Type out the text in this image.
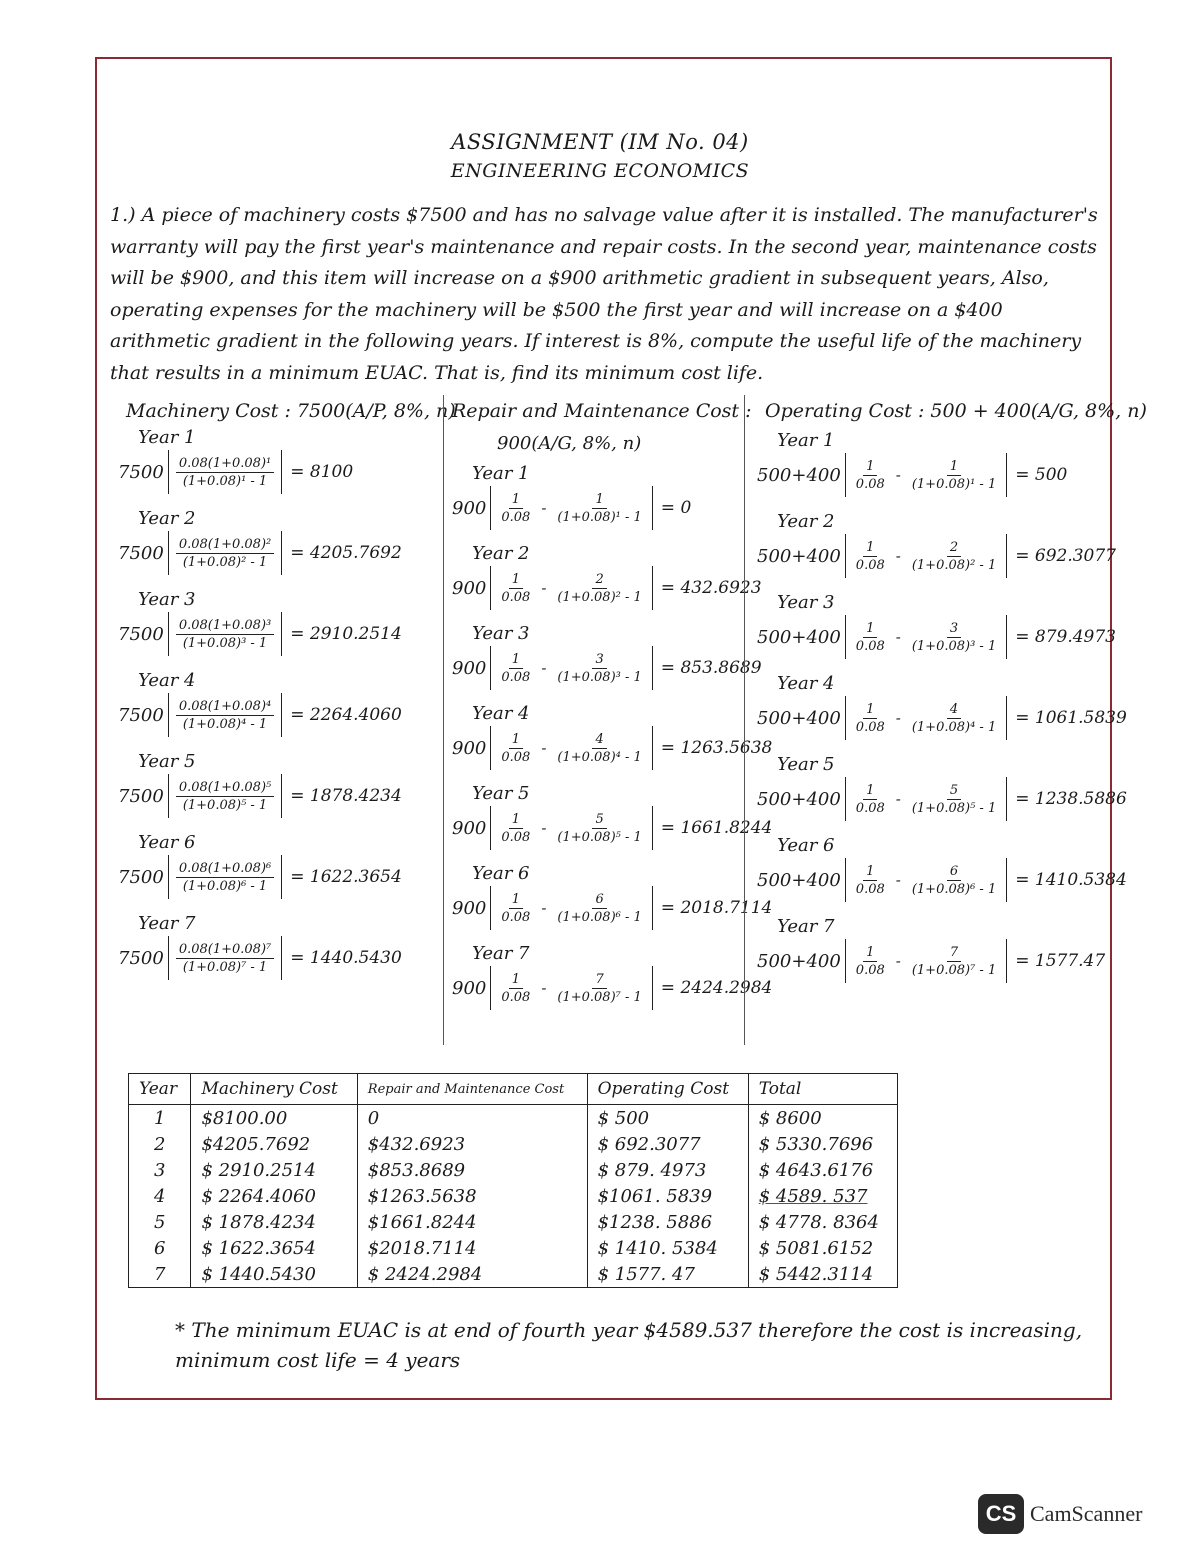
ASSIGNMENT (IM No. 04)
ENGINEERING ECONOMICS
1.) A piece of machinery costs $7500 and has no salvage value after it is installed. The manufacturer's warranty will pay the first year's maintenance and repair costs. In the second year, maintenance costs will be $900, and this item will increase on a $900 arithmetic gradient in subsequent years, Also, operating expenses for the machinery will be $500 the first year and will increase on a $400 arithmetic gradient in the following years. If interest is 8%, compute the useful life of the machinery that results in a minimum EUAC. That is, find its minimum cost life.
Machinery Cost : 7500(A/P, 8%, n)
Year 1
$7500 \frac{\text{0.08(1+0.08)¹}}{\text{(1+0.08)¹ - 1}} = 8100$
Year 2
$7500 \frac{\text{0.08(1+0.08)²}}{\text{(1+0.08)² - 1}} = 4205.7692$
Year 3
$7500 \frac{\text{0.08(1+0.08)³}}{\text{(1+0.08)³ - 1}} = 2910.2514$
Year 4
$7500 \frac{\text{0.08(1+0.08)⁴}}{\text{(1+0.08)⁴ - 1}} = 2264.4060$
Year 5
$7500 \frac{\text{0.08(1+0.08)⁵}}{\text{(1+0.08)⁵ - 1}} = 1878.4234$
Year 6
$7500 \frac{\text{0.08(1+0.08)⁶}}{\text{(1+0.08)⁶ - 1}} = 1622.3654$
Year 7
$7500 \frac{\text{0.08(1+0.08)⁷}}{\text{(1+0.08)⁷ - 1}} = 1440.5430$
Repair and Maintenance Cost :
900(A/G, 8%, n)
Year 1
$900 \frac{1}{0.08} - \frac{1}{\text{(1+0.08)¹ - 1}} = 0$
Year 2
$900 \frac{1}{0.08} - \frac{2}{\text{(1+0.08)² - 1}} = 432.6923$
Year 3
$900 \frac{1}{0.08} - \frac{3}{\text{(1+0.08)³ - 1}} = 853.8689$
Year 4
$900 \frac{1}{0.08} - \frac{4}{\text{(1+0.08)⁴ - 1}} = 1263.5638$
Year 5
$900 \frac{1}{0.08} - \frac{5}{\text{(1+0.08)⁵ - 1}} = 1661.8244$
Year 6
$900 \frac{1}{0.08} - \frac{6}{\text{(1+0.08)⁶ - 1}} = 2018.7114$
Year 7
$900 \frac{1}{0.08} - \frac{7}{\text{(1+0.08)⁷ - 1}} = 2424.2984$
Operating Cost : 500 + 400(A/G, 8%, n)
Year 1
$500+400 \frac{1}{0.08} - \frac{1}{\text{(1+0.08)¹ - 1}} = 500$
Year 2
$500+400 \frac{1}{0.08} - \frac{2}{\text{(1+0.08)² - 1}} = 692.3077$
Year 3
$500+400 \frac{1}{0.08} - \frac{3}{\text{(1+0.08)³ - 1}} = 879.4973$
Year 4
$500+400 \frac{1}{0.08} - \frac{4}{\text{(1+0.08)⁴ - 1}} = 1061.5839$
Year 5
$500+400 \frac{1}{0.08} - \frac{5}{\text{(1+0.08)⁵ - 1}} = 1238.5886$
Year 6
$500+400 \frac{1}{0.08} - \frac{6}{\text{(1+0.08)⁶ - 1}} = 1410.5384$
Year 7
$500+400 \frac{1}{0.08} - \frac{7}{\text{(1+0.08)⁷ - 1}} = 1577.47$
Year	Machinery Cost	Repair and Maintenance Cost	Operating Cost	Total
1	$8100.00	0	$ 500	$ 8600
2	$4205.7692	$432.6923	$ 692.3077	$ 5330.7696
3	$ 2910.2514	$853.8689	$ 879. 4973	$ 4643.6176
4	$ 2264.4060	$1263.5638	$1061. 5839	$ 4589. 537
5	$ 1878.4234	$1661.8244	$1238. 5886	$ 4778. 8364
6	$ 1622.3654	$2018.7114	$ 1410. 5384	$ 5081.6152
7	$ 1440.5430	$ 2424.2984	$ 1577. 47	$ 5442.3114
* The minimum EUAC is at end of fourth year $4589.537 therefore the cost is increasing, minimum cost life = 4 years
CS CamScanner
